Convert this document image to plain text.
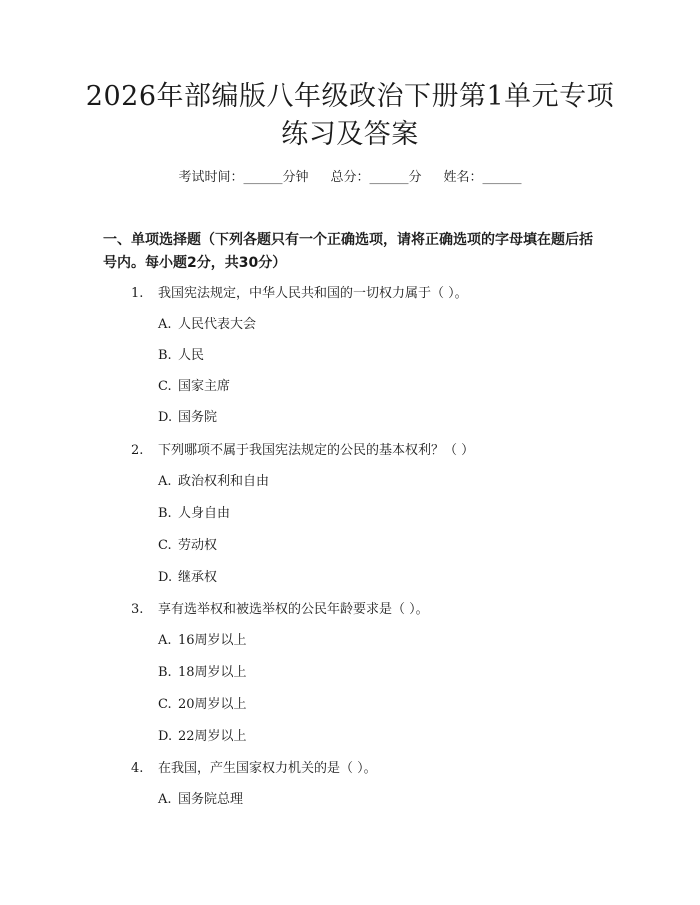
2026年部编版八年级政治下册第1单元专项
练习及答案
考试时间：______分钟 总分：______分 姓名：______
一、单项选择题（下列各题只有一个正确选项，请将正确选项的字母填在题后括
号内。每小题2分，共30分）
1. 我国宪法规定，中华人民共和国的一切权力属于（ ）。
A. 人民代表大会
B. 人民
C. 国家主席
D. 国务院
2. 下列哪项不属于我国宪法规定的公民的基本权利？（ ）
A. 政治权利和自由
B. 人身自由
C. 劳动权
D. 继承权
3. 享有选举权和被选举权的公民年龄要求是（ ）。
A. 16周岁以上
B. 18周岁以上
C. 20周岁以上
D. 22周岁以上
4. 在我国，产生国家权力机关的是（ ）。
A. 国务院总理
